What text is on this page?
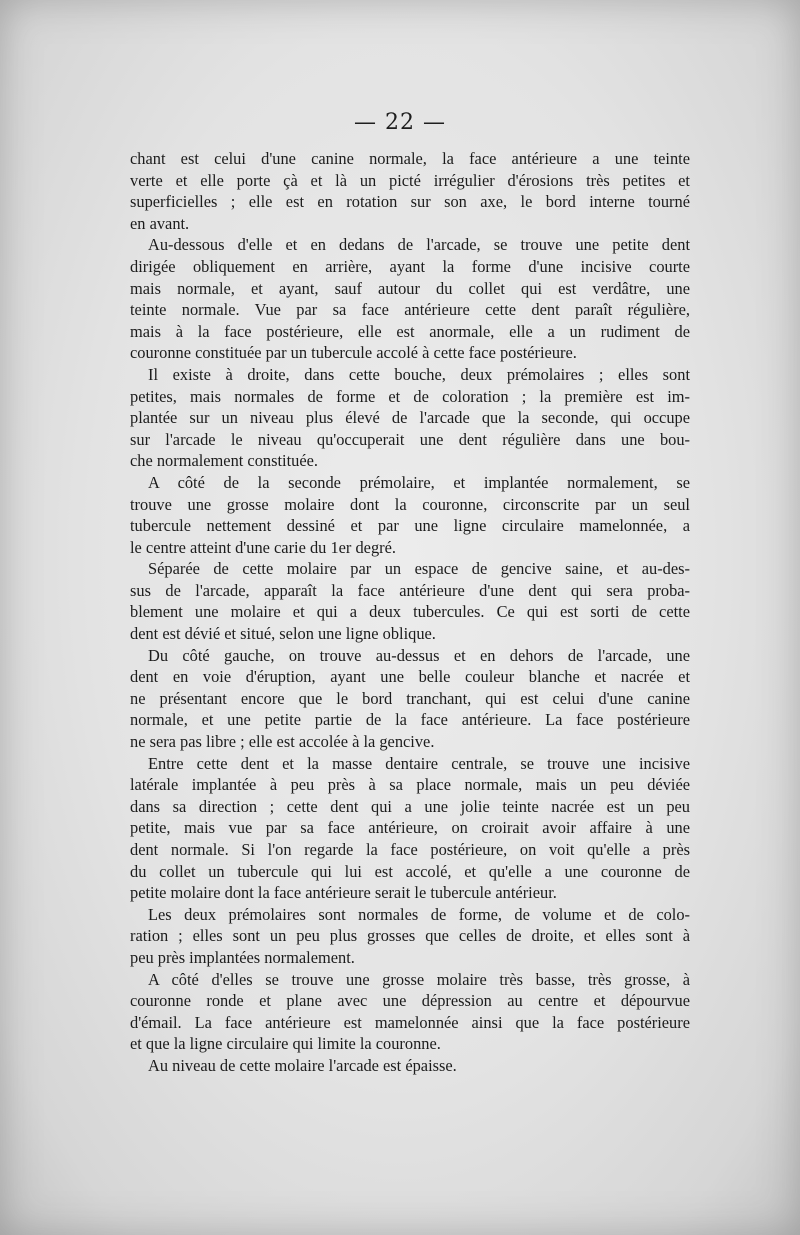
— 22 —
chant est celui d'une canine normale, la face antérieure a une teinte
verte et elle porte çà et là un picté irrégulier d'érosions très petites et
superficielles ; elle est en rotation sur son axe, le bord interne tourné
en avant.
Au-dessous d'elle et en dedans de l'arcade, se trouve une petite dent
dirigée obliquement en arrière, ayant la forme d'une incisive courte
mais normale, et ayant, sauf autour du collet qui est verdâtre, une
teinte normale. Vue par sa face antérieure cette dent paraît régulière,
mais à la face postérieure, elle est anormale, elle a un rudiment de
couronne constituée par un tubercule accolé à cette face postérieure.
Il existe à droite, dans cette bouche, deux prémolaires ; elles sont
petites, mais normales de forme et de coloration ; la première est im-
plantée sur un niveau plus élevé de l'arcade que la seconde, qui occupe
sur l'arcade le niveau qu'occuperait une dent régulière dans une bou-
che normalement constituée.
A côté de la seconde prémolaire, et implantée normalement, se
trouve une grosse molaire dont la couronne, circonscrite par un seul
tubercule nettement dessiné et par une ligne circulaire mamelonnée, a
le centre atteint d'une carie du 1er degré.
Séparée de cette molaire par un espace de gencive saine, et au-des-
sus de l'arcade, apparaît la face antérieure d'une dent qui sera proba-
blement une molaire et qui a deux tubercules. Ce qui est sorti de cette
dent est dévié et situé, selon une ligne oblique.
Du côté gauche, on trouve au-dessus et en dehors de l'arcade, une
dent en voie d'éruption, ayant une belle couleur blanche et nacrée et
ne présentant encore que le bord tranchant, qui est celui d'une canine
normale, et une petite partie de la face antérieure. La face postérieure
ne sera pas libre ; elle est accolée à la gencive.
Entre cette dent et la masse dentaire centrale, se trouve une incisive
latérale implantée à peu près à sa place normale, mais un peu déviée
dans sa direction ; cette dent qui a une jolie teinte nacrée est un peu
petite, mais vue par sa face antérieure, on croirait avoir affaire à une
dent normale. Si l'on regarde la face postérieure, on voit qu'elle a près
du collet un tubercule qui lui est accolé, et qu'elle a une couronne de
petite molaire dont la face antérieure serait le tubercule antérieur.
Les deux prémolaires sont normales de forme, de volume et de colo-
ration ; elles sont un peu plus grosses que celles de droite, et elles sont à
peu près implantées normalement.
A côté d'elles se trouve une grosse molaire très basse, très grosse, à
couronne ronde et plane avec une dépression au centre et dépourvue
d'émail. La face antérieure est mamelonnée ainsi que la face postérieure
et que la ligne circulaire qui limite la couronne.
Au niveau de cette molaire l'arcade est épaisse.
